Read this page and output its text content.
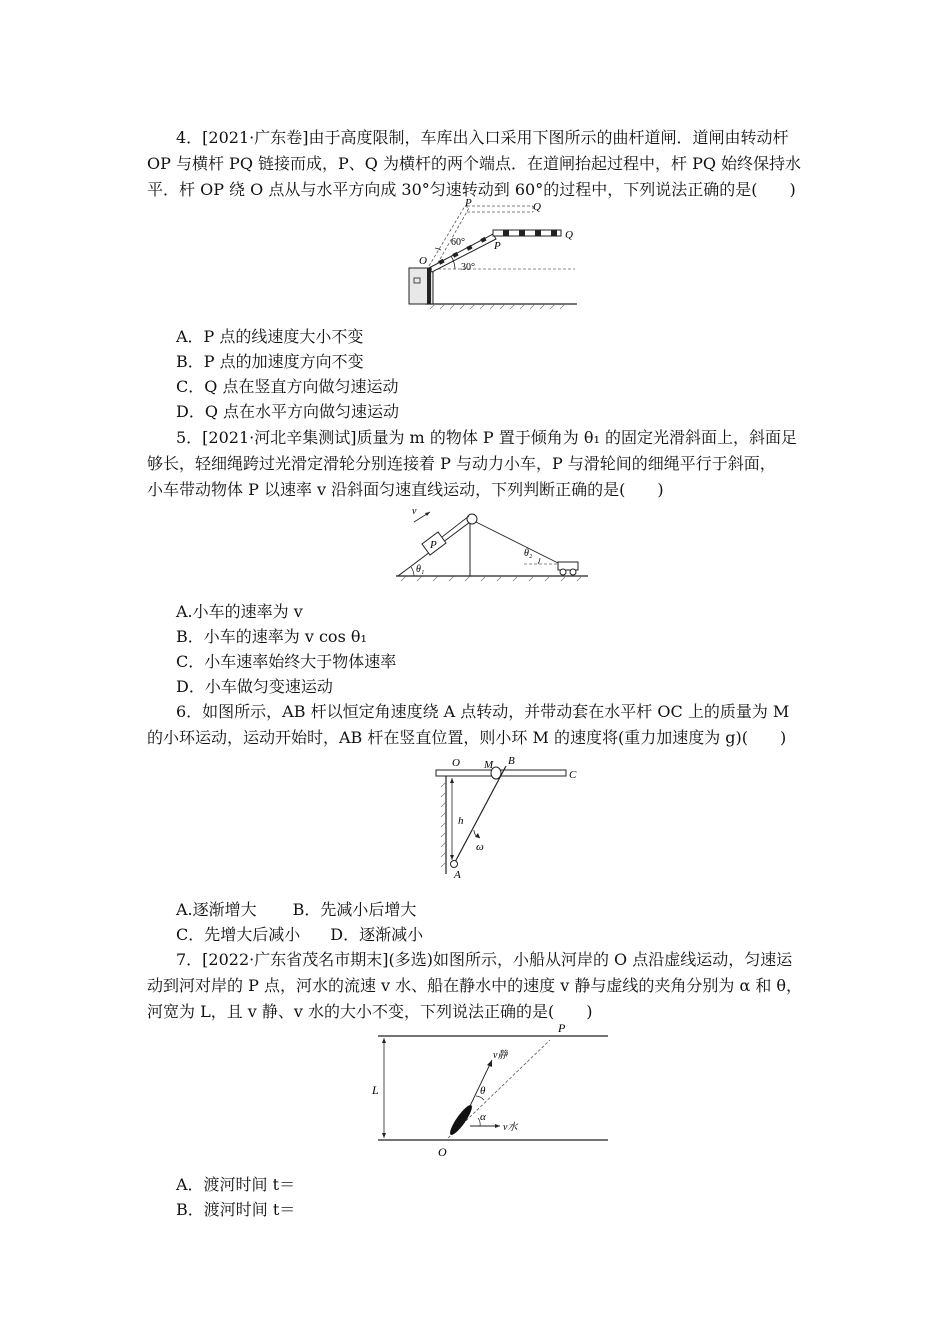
4．[2021·广东卷]由于高度限制，车库出入口采用下图所示的曲杆道闸．道闸由转动杆
OP 与横杆 PQ 链接而成，P、Q 为横杆的两个端点．在道闸抬起过程中，杆 PQ 始终保持水
平．杆 OP 绕 O 点从与水平方向成 30°匀速转动到 60°的过程中，下列说法正确的是(　　)
P	Q
P
Q
O
60°
30°
A．P 点的线速度大小不变
B．P 点的加速度方向不变
C．Q 点在竖直方向做匀速运动
D．Q 点在水平方向做匀速运动
5．[2021·河北辛集测试]质量为 m 的物体 P 置于倾角为 θ₁ 的固定光滑斜面上，斜面足
够长，轻细绳跨过光滑定滑轮分别连接着 P 与动力小车，P 与滑轮间的细绳平行于斜面，
小车带动物体 P 以速率 v 沿斜面匀速直线运动，下列判断正确的是(　　)
v
P
θ₁
θ₂
A.小车的速率为 v
B．小车的速率为 v cos θ₁
C．小车速率始终大于物体速率
D．小车做匀变速运动
6．如图所示，AB 杆以恒定角速度绕 A 点转动，并带动套在水平杆 OC 上的质量为 M
的小环运动，运动开始时，AB 杆在竖直位置，则小环 M 的速度将(重力加速度为 g)(　　)
O M B
C
h
ω
A
A.逐渐增大 B．先减小后增大
C．先增大后减小 D．逐渐减小
7．[2022·广东省茂名市期末](多选)如图所示，小船从河岸的 O 点沿虚线运动，匀速运
动到河对岸的 P 点，河水的流速 v 水、船在静水中的速度 v 静与虚线的夹角分别为 α 和 θ，
河宽为 L，且 v 静、v 水的大小不变，下列说法正确的是(　　)
P
L
O
v静
v水
θ
α
A．渡河时间 t＝
B．渡河时间 t＝
